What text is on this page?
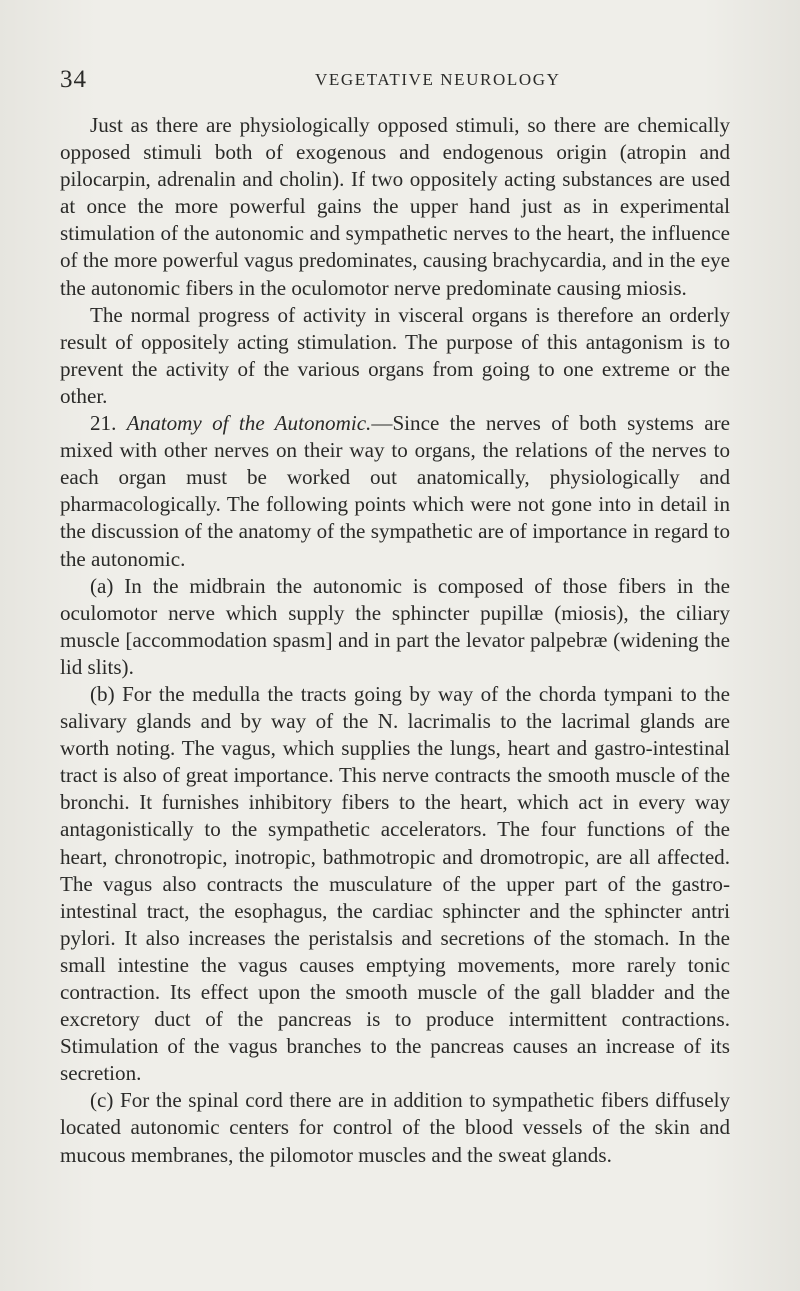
34	VEGETATIVE NEUROLOGY

Just as there are physiologically opposed stimuli, so there are chemically opposed stimuli both of exogenous and endogenous origin (atropin and pilocarpin, adrenalin and cholin). If two oppositely acting substances are used at once the more powerful gains the upper hand just as in experimental stimulation of the autonomic and sympathetic nerves to the heart, the influence of the more powerful vagus predominates, causing brachycardia, and in the eye the autonomic fibers in the oculomotor nerve predominate causing miosis.

The normal progress of activity in visceral organs is therefore an orderly result of oppositely acting stimulation. The purpose of this antagonism is to prevent the activity of the various organs from going to one extreme or the other.

21. Anatomy of the Autonomic.—Since the nerves of both systems are mixed with other nerves on their way to organs, the relations of the nerves to each organ must be worked out anatomically, physiologically and pharmacologically. The following points which were not gone into in detail in the discussion of the anatomy of the sympathetic are of importance in regard to the autonomic.

(a) In the midbrain the autonomic is composed of those fibers in the oculomotor nerve which supply the sphincter pupillæ (miosis), the ciliary muscle [accommodation spasm] and in part the levator palpebræ (widening the lid slits).

(b) For the medulla the tracts going by way of the chorda tympani to the salivary glands and by way of the N. lacrimalis to the lacrimal glands are worth noting. The vagus, which supplies the lungs, heart and gastro-intestinal tract is also of great importance. This nerve contracts the smooth muscle of the bronchi. It furnishes inhibitory fibers to the heart, which act in every way antagonistically to the sympathetic accelerators. The four functions of the heart, chronotropic, inotropic, bathmotropic and dromotropic, are all affected. The vagus also contracts the musculature of the upper part of the gastro-intestinal tract, the esophagus, the cardiac sphincter and the sphincter antri pylori. It also increases the peristalsis and secretions of the stomach. In the small intestine the vagus causes emptying movements, more rarely tonic contraction. Its effect upon the smooth muscle of the gall bladder and the excretory duct of the pancreas is to produce intermittent contractions. Stimulation of the vagus branches to the pancreas causes an increase of its secretion.

(c) For the spinal cord there are in addition to sympathetic fibers diffusely located autonomic centers for control of the blood vessels of the skin and mucous membranes, the pilomotor muscles and the sweat glands.
